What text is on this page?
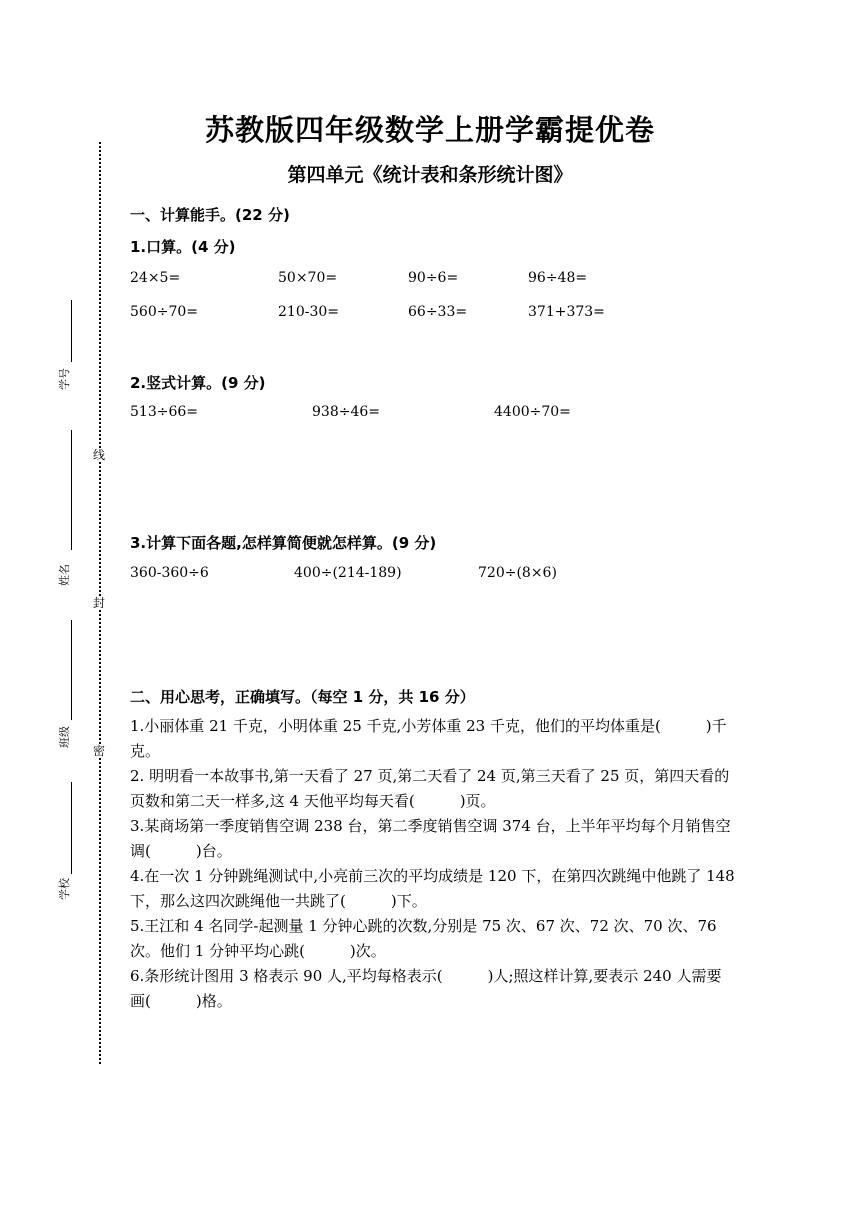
线
封
密
学号
姓名
班级
学校
苏教版四年级数学上册学霸提优卷
第四单元《统计表和条形统计图》
一、计算能手。(22 分)
1.口算。(4 分)
24×5=	50×70=	90÷6=	96÷48=
560÷70=	210-30=	66÷33=	371+373=
2.竖式计算。(9 分)
513÷66=	938÷46=	4400÷70=
3.计算下面各题,怎样算简便就怎样算。(9 分)
360-360÷6	400÷(214-189)	720÷(8×6)
二、用心思考，正确填写。（每空 1 分，共 16 分）

1.小丽体重 21 千克，小明体重 25 千克,小芳体重 23 千克，他们的平均体重是(　　　)千克。

2. 明明看一本故事书,第一天看了 27 页,第二天看了 24 页,第三天看了 25 页，第四天看的页数和第二天一样多,这 4 天他平均每天看(　　　)页。

3.某商场第一季度销售空调 238 台，第二季度销售空调 374 台，上半年平均每个月销售空调(　　　)台。

4.在一次 1 分钟跳绳测试中,小亮前三次的平均成绩是 120 下，在第四次跳绳中他跳了 148 下，那么这四次跳绳他一共跳了(　　　)下。

5.王江和 4 名同学-起测量 1 分钟心跳的次数,分别是 75 次、67 次、72 次、70 次、76 次。他们 1 分钟平均心跳(　　　)次。

6.条形统计图用 3 格表示 90 人,平均每格表示(　　　)人;照这样计算,要表示 240 人需要画(　　　)格。
